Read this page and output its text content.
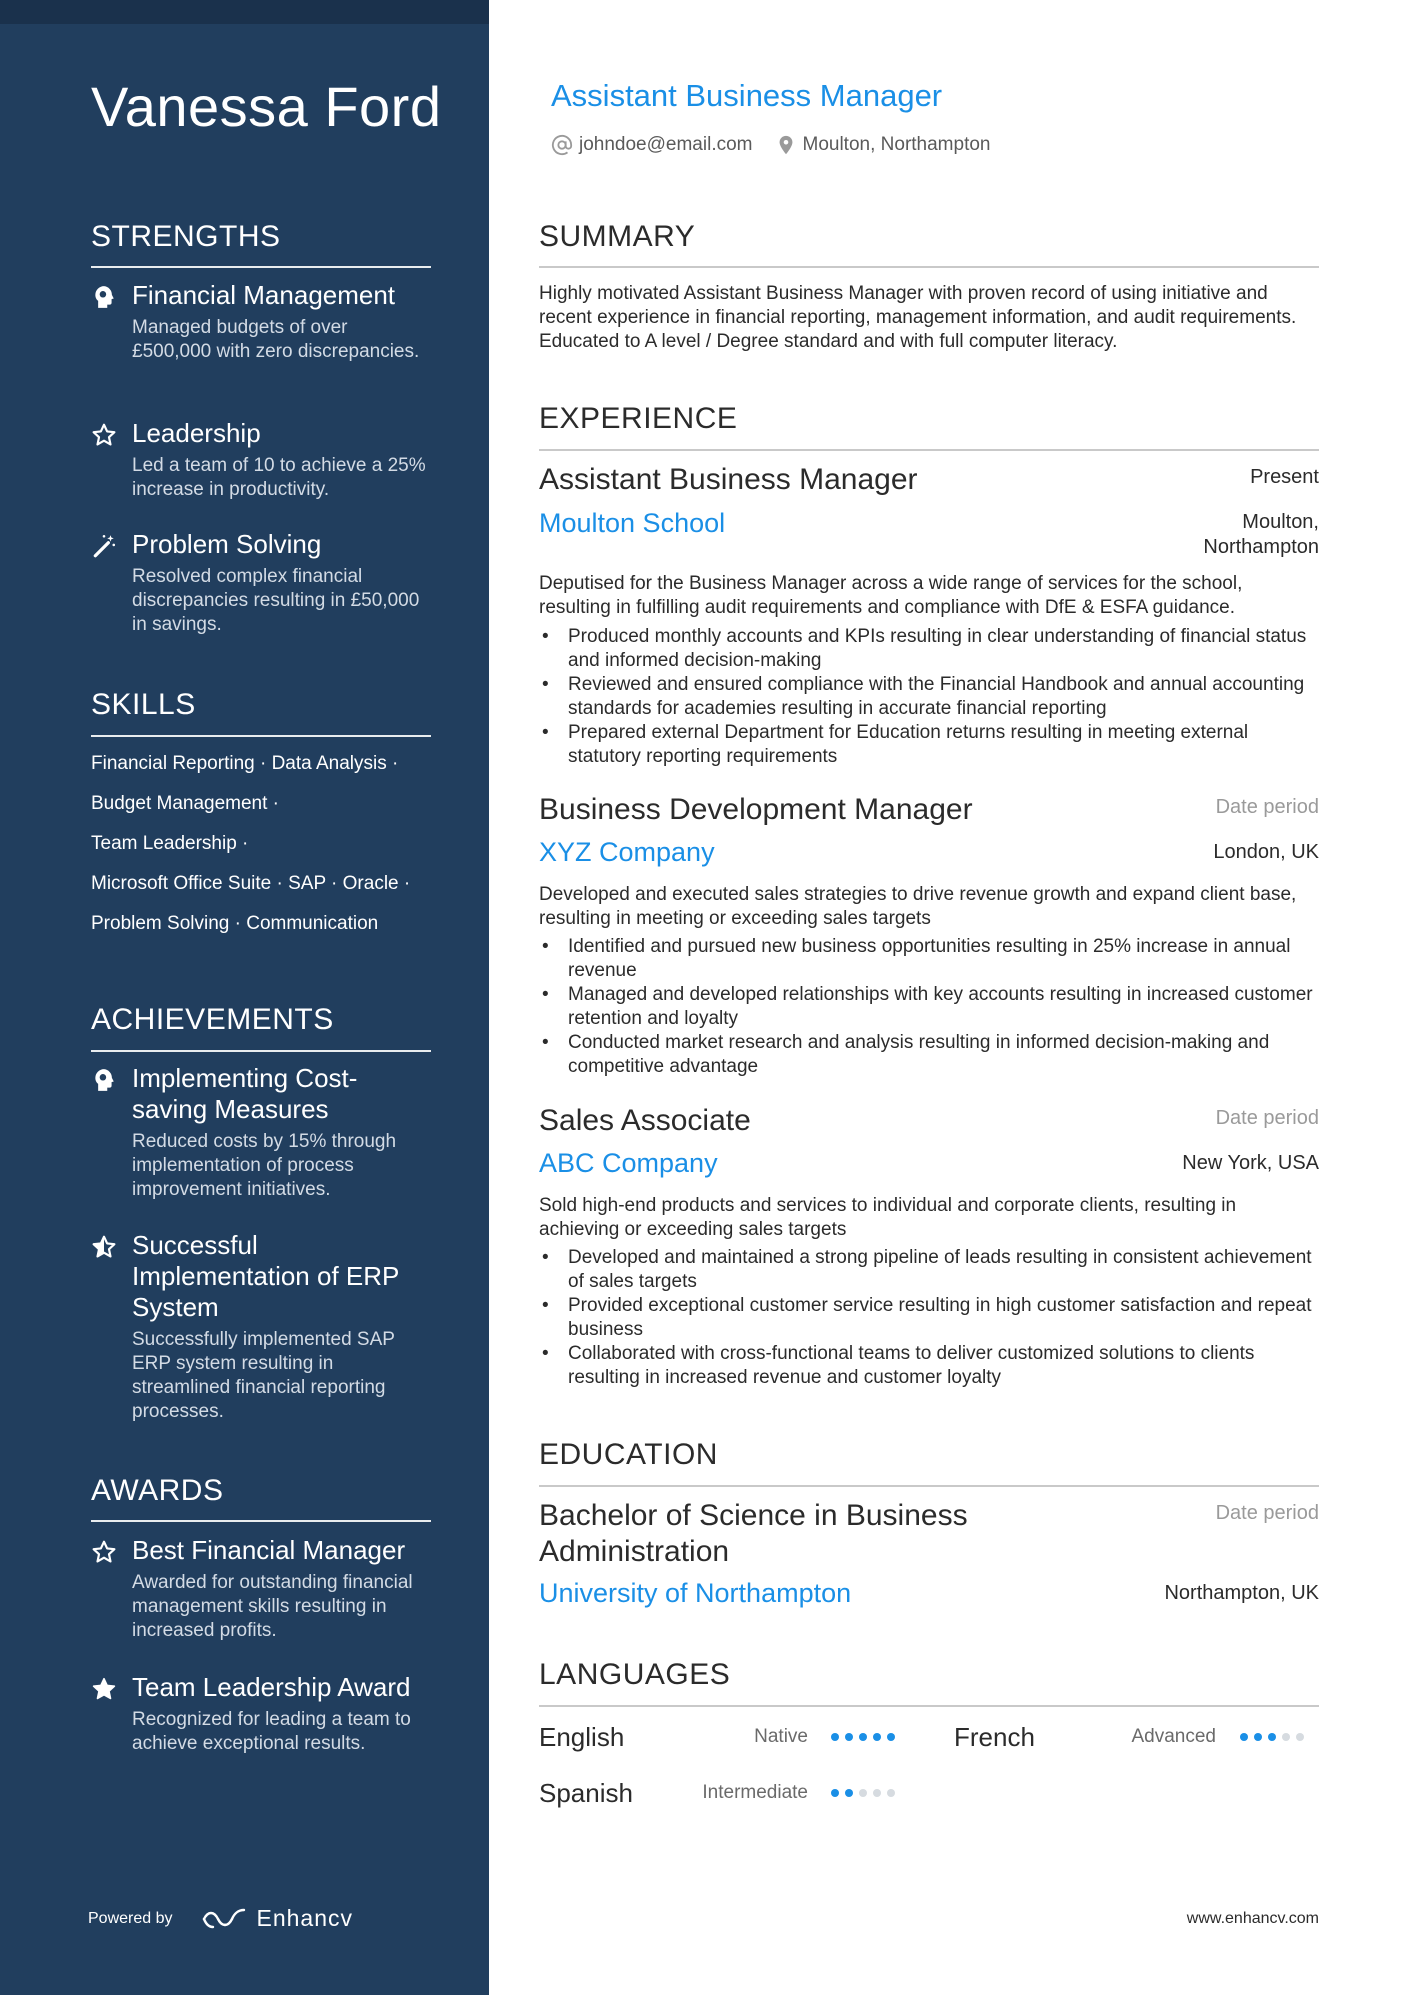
Vanessa Ford
STRENGTHS
Financial Management
Managed budgets of over £500,000 with zero discrepancies.
Leadership
Led a team of 10 to achieve a 25% increase in productivity.
Problem Solving
Resolved complex financial discrepancies resulting in £50,000 in savings.
SKILLS
Financial Reporting · Data Analysis ·
Budget Management ·
Team Leadership ·
Microsoft Office Suite · SAP · Oracle ·
Problem Solving · Communication
ACHIEVEMENTS
Implementing Cost-saving Measures
Reduced costs by 15% through implementation of process improvement initiatives.
Successful Implementation of ERP System
Successfully implemented SAP ERP system resulting in streamlined financial reporting processes.
AWARDS
Best Financial Manager
Awarded for outstanding financial management skills resulting in increased profits.
Team Leadership Award
Recognized for leading a team to achieve exceptional results.
Powered by	Enhancv
Assistant Business Manager
johndoe@email.com	Moulton, Northampton
SUMMARY
Highly motivated Assistant Business Manager with proven record of using initiative and recent experience in financial reporting, management information, and audit requirements. Educated to A level / Degree standard and with full computer literacy.
EXPERIENCE
Assistant Business Manager	Present
Moulton School	Moulton, Northampton
Deputised for the Business Manager across a wide range of services for the school, resulting in fulfilling audit requirements and compliance with DfE & ESFA guidance.
• Produced monthly accounts and KPIs resulting in clear understanding of financial status and informed decision-making
• Reviewed and ensured compliance with the Financial Handbook and annual accounting standards for academies resulting in accurate financial reporting
• Prepared external Department for Education returns resulting in meeting external statutory reporting requirements
Business Development Manager	Date period
XYZ Company	London, UK
Developed and executed sales strategies to drive revenue growth and expand client base, resulting in meeting or exceeding sales targets
• Identified and pursued new business opportunities resulting in 25% increase in annual revenue
• Managed and developed relationships with key accounts resulting in increased customer retention and loyalty
• Conducted market research and analysis resulting in informed decision-making and competitive advantage
Sales Associate	Date period
ABC Company	New York, USA
Sold high-end products and services to individual and corporate clients, resulting in achieving or exceeding sales targets
• Developed and maintained a strong pipeline of leads resulting in consistent achievement of sales targets
• Provided exceptional customer service resulting in high customer satisfaction and repeat business
• Collaborated with cross-functional teams to deliver customized solutions to clients resulting in increased revenue and customer loyalty
EDUCATION
Bachelor of Science in Business Administration
Date period
University of Northampton	Northampton, UK
LANGUAGES
English	Native	French	Advanced
Spanish	Intermediate
www.enhancv.com
